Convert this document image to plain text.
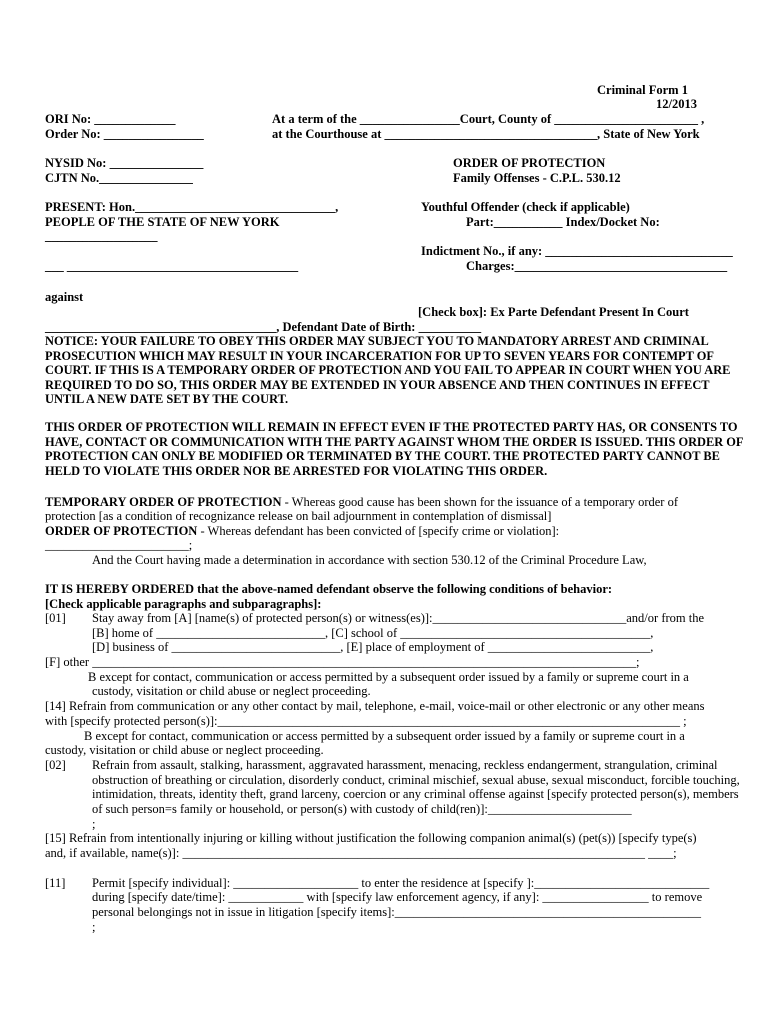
Criminal Form 1
12/2013
ORI No: _____________
Order No: ________________
At a term of the ________________Court, County of _______________________ ,
at the Courthouse at __________________________________, State of New York
NYSID No: _______________
CJTN No._______________
ORDER OF PROTECTION
Family Offenses - C.P.L. 530.12
PRESENT: Hon.________________________________,	Youthful Offender (check if applicable)
PEOPLE OF THE STATE OF NEW YORK	Part:___________ Index/Docket No:
__________________
Indictment No., if any: ______________________________
___ _____________________________________	Charges:__________________________________
against
[Check box]: Ex Parte Defendant Present In Court
_____________________________________, Defendant Date of Birth: __________
NOTICE: YOUR FAILURE TO OBEY THIS ORDER MAY SUBJECT YOU TO MANDATORY ARREST AND CRIMINAL PROSECUTION WHICH MAY RESULT IN YOUR INCARCERATION FOR UP TO SEVEN YEARS FOR CONTEMPT OF COURT. IF THIS IS A TEMPORARY ORDER OF PROTECTION AND YOU FAIL TO APPEAR IN COURT WHEN YOU ARE REQUIRED TO DO SO, THIS ORDER MAY BE EXTENDED IN YOUR ABSENCE AND THEN CONTINUES IN EFFECT UNTIL A NEW DATE SET BY THE COURT.
THIS ORDER OF PROTECTION WILL REMAIN IN EFFECT EVEN IF THE PROTECTED PARTY HAS, OR CONSENTS TO HAVE, CONTACT OR COMMUNICATION WITH THE PARTY AGAINST WHOM THE ORDER IS ISSUED. THIS ORDER OF PROTECTION CAN ONLY BE MODIFIED OR TERMINATED BY THE COURT. THE PROTECTED PARTY CANNOT BE HELD TO VIOLATE THIS ORDER NOR BE ARRESTED FOR VIOLATING THIS ORDER.
TEMPORARY ORDER OF PROTECTION - Whereas good cause has been shown for the issuance of a temporary order of
protection [as a condition of recognizance release on bail adjournment in contemplation of dismissal]
ORDER OF PROTECTION - Whereas defendant has been convicted of [specify crime or violation]:
_______________________;
And the Court having made a determination in accordance with section 530.12 of the Criminal Procedure Law,
IT IS HEREBY ORDERED that the above-named defendant observe the following conditions of behavior:
[Check applicable paragraphs and subparagraphs]:
[01] Stay away from [A] [name(s) of protected person(s) or witness(es)]:_______________________________and/or from the
[B] home of ___________________________, [C] school of ________________________________________,
[D] business of ___________________________, [E] place of employment of __________________________,
[F] other _______________________________________________________________________________________;
B except for contact, communication or access permitted by a subsequent order issued by a family or supreme court in a
custody, visitation or child abuse or neglect proceeding.
[14] Refrain from communication or any other contact by mail, telephone, e-mail, voice-mail or other electronic or any other means
with [specify protected person(s)]:__________________________________________________________________________ ;
B except for contact, communication or access permitted by a subsequent order issued by a family or supreme court in a
custody, visitation or child abuse or neglect proceeding.
[02] Refrain from assault, stalking, harassment, aggravated harassment, menacing, reckless endangerment, strangulation, criminal obstruction of breathing or circulation, disorderly conduct, criminal mischief, sexual abuse, sexual misconduct, forcible touching, intimidation, threats, identity theft, grand larceny, coercion or any criminal offense against [specify protected person(s), members of such person=s family or household, or person(s) with custody of child(ren)]:_______________________
;
[15] Refrain from intentionally injuring or killing without justification the following companion animal(s) (pet(s)) [specify type(s)
and, if available, name(s)]: __________________________________________________________________________ ____;
[11] Permit [specify individual]: ____________________ to enter the residence at [specify ]:____________________________
during [specify date/time]: ____________ with [specify law enforcement agency, if any]: _________________ to remove
personal belongings not in issue in litigation [specify items]:_________________________________________________
;
